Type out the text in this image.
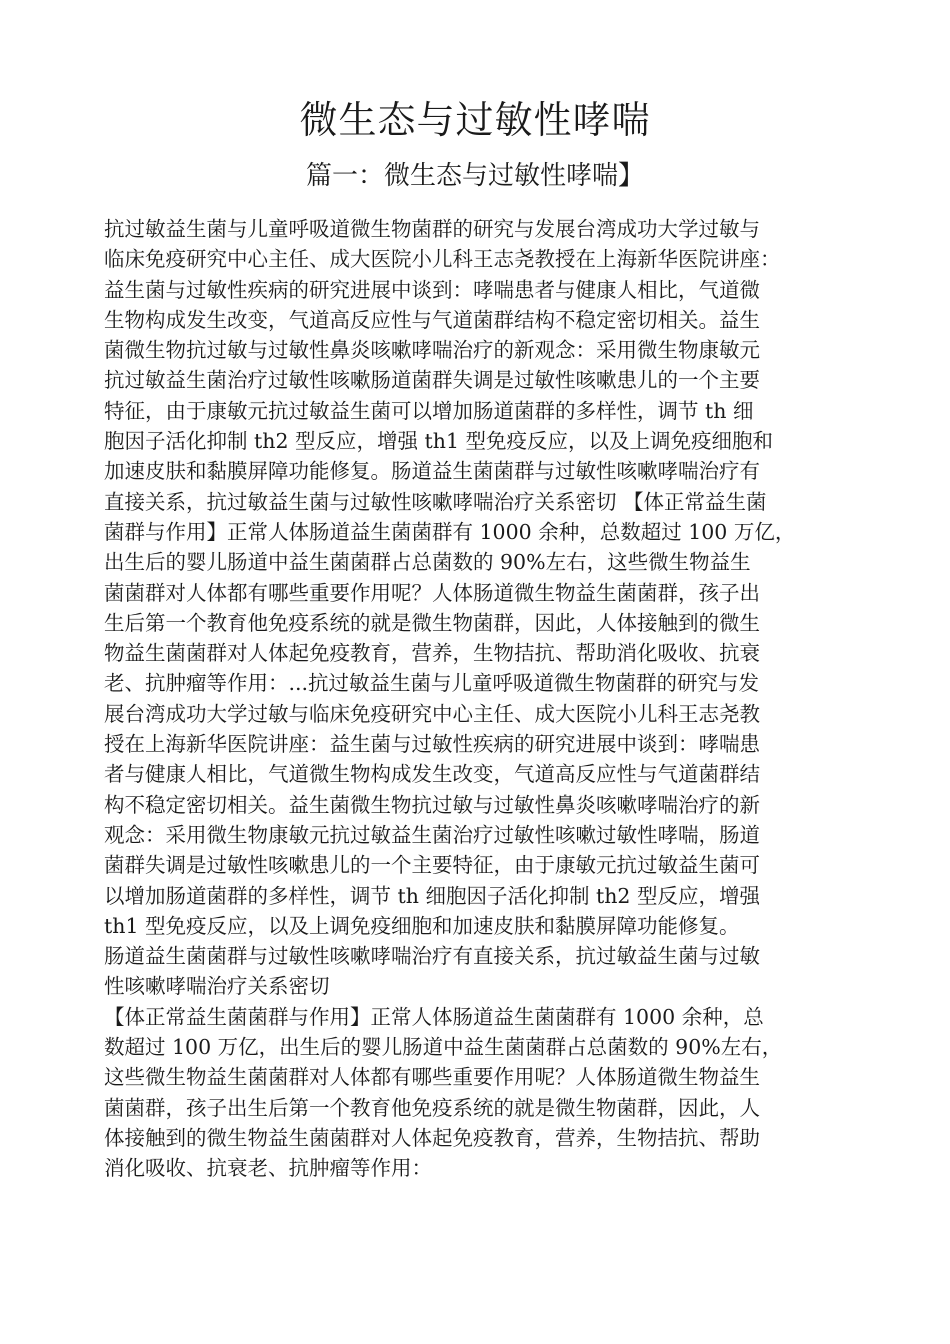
微生态与过敏性哮喘
篇一：微生态与过敏性哮喘】
抗过敏益生菌与儿童呼吸道微生物菌群的研究与发展台湾成功大学过敏与
临床免疫研究中心主任、成大医院小儿科王志尧教授在上海新华医院讲座：
益生菌与过敏性疾病的研究进展中谈到：哮喘患者与健康人相比，气道微
生物构成发生改变，气道高反应性与气道菌群结构不稳定密切相关。益生
菌微生物抗过敏与过敏性鼻炎咳嗽哮喘治疗的新观念：采用微生物康敏元
抗过敏益生菌治疗过敏性咳嗽肠道菌群失调是过敏性咳嗽患儿的一个主要
特征，由于康敏元抗过敏益生菌可以增加肠道菌群的多样性，调节 th 细
胞因子活化抑制 th2 型反应，增强 th1 型免疫反应，以及上调免疫细胞和
加速皮肤和黏膜屏障功能修复。肠道益生菌菌群与过敏性咳嗽哮喘治疗有
直接关系，抗过敏益生菌与过敏性咳嗽哮喘治疗关系密切 【体正常益生菌
菌群与作用】正常人体肠道益生菌菌群有 1000 余种，总数超过 100 万亿，
出生后的婴儿肠道中益生菌菌群占总菌数的 90%左右，这些微生物益生
菌菌群对人体都有哪些重要作用呢？人体肠道微生物益生菌菌群，孩子出
生后第一个教育他免疫系统的就是微生物菌群，因此，人体接触到的微生
物益生菌菌群对人体起免疫教育，营养，生物拮抗、帮助消化吸收、抗衰
老、抗肿瘤等作用：...抗过敏益生菌与儿童呼吸道微生物菌群的研究与发
展台湾成功大学过敏与临床免疫研究中心主任、成大医院小儿科王志尧教
授在上海新华医院讲座：益生菌与过敏性疾病的研究进展中谈到：哮喘患
者与健康人相比，气道微生物构成发生改变，气道高反应性与气道菌群结
构不稳定密切相关。益生菌微生物抗过敏与过敏性鼻炎咳嗽哮喘治疗的新
观念：采用微生物康敏元抗过敏益生菌治疗过敏性咳嗽过敏性哮喘，肠道
菌群失调是过敏性咳嗽患儿的一个主要特征，由于康敏元抗过敏益生菌可
以增加肠道菌群的多样性，调节 th 细胞因子活化抑制 th2 型反应，增强
th1 型免疫反应，以及上调免疫细胞和加速皮肤和黏膜屏障功能修复。
肠道益生菌菌群与过敏性咳嗽哮喘治疗有直接关系，抗过敏益生菌与过敏
性咳嗽哮喘治疗关系密切
【体正常益生菌菌群与作用】正常人体肠道益生菌菌群有 1000 余种，总
数超过 100 万亿，出生后的婴儿肠道中益生菌菌群占总菌数的 90%左右，
这些微生物益生菌菌群对人体都有哪些重要作用呢？人体肠道微生物益生
菌菌群，孩子出生后第一个教育他免疫系统的就是微生物菌群，因此，人
体接触到的微生物益生菌菌群对人体起免疫教育，营养，生物拮抗、帮助
消化吸收、抗衰老、抗肿瘤等作用：
